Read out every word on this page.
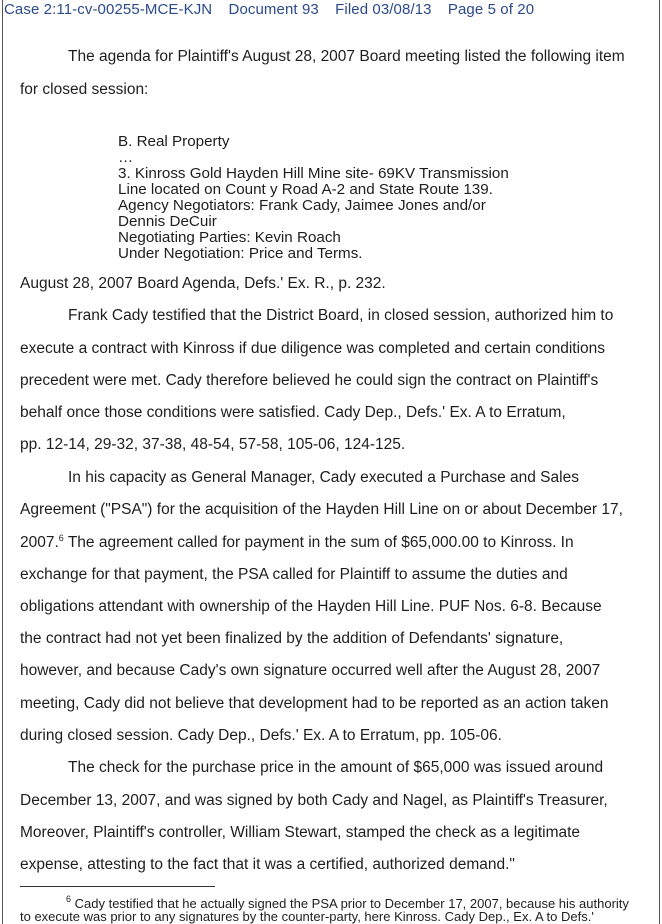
Case 2:11-cv-00255-MCE-KJN Document 93 Filed 03/08/13 Page 5 of 20
The agenda for Plaintiff's August 28, 2007 Board meeting listed the following item
for closed session:
B. Real Property
…
3. Kinross Gold Hayden Hill Mine site- 69KV Transmission
Line located on Count y Road A-2 and State Route 139.
Agency Negotiators: Frank Cady, Jaimee Jones and/or
Dennis DeCuir
Negotiating Parties: Kevin Roach
Under Negotiation: Price and Terms.
August 28, 2007 Board Agenda, Defs.' Ex. R., p. 232.
Frank Cady testified that the District Board, in closed session, authorized him to
execute a contract with Kinross if due diligence was completed and certain conditions
precedent were met. Cady therefore believed he could sign the contract on Plaintiff's
behalf once those conditions were satisfied. Cady Dep., Defs.' Ex. A to Erratum,
pp. 12-14, 29-32, 37-38, 48-54, 57-58, 105-06, 124-125.
In his capacity as General Manager, Cady executed a Purchase and Sales
Agreement ("PSA") for the acquisition of the Hayden Hill Line on or about December 17,
2007.$^6$ The agreement called for payment in the sum of $65,000.00 to Kinross. In
exchange for that payment, the PSA called for Plaintiff to assume the duties and
obligations attendant with ownership of the Hayden Hill Line. PUF Nos. 6-8. Because
the contract had not yet been finalized by the addition of Defendants' signature,
however, and because Cady's own signature occurred well after the August 28, 2007
meeting, Cady did not believe that development had to be reported as an action taken
during closed session. Cady Dep., Defs.' Ex. A to Erratum, pp. 105-06.
The check for the purchase price in the amount of $65,000 was issued around
December 13, 2007, and was signed by both Cady and Nagel, as Plaintiff's Treasurer,
Moreover, Plaintiff's controller, William Stewart, stamped the check as a legitimate
expense, attesting to the fact that it was a certified, authorized demand."
$^6$ Cady testified that he actually signed the PSA prior to December 17, 2007, because his authority
to execute was prior to any signatures by the counter-party, here Kinross. Cady Dep., Ex. A to Defs.'
